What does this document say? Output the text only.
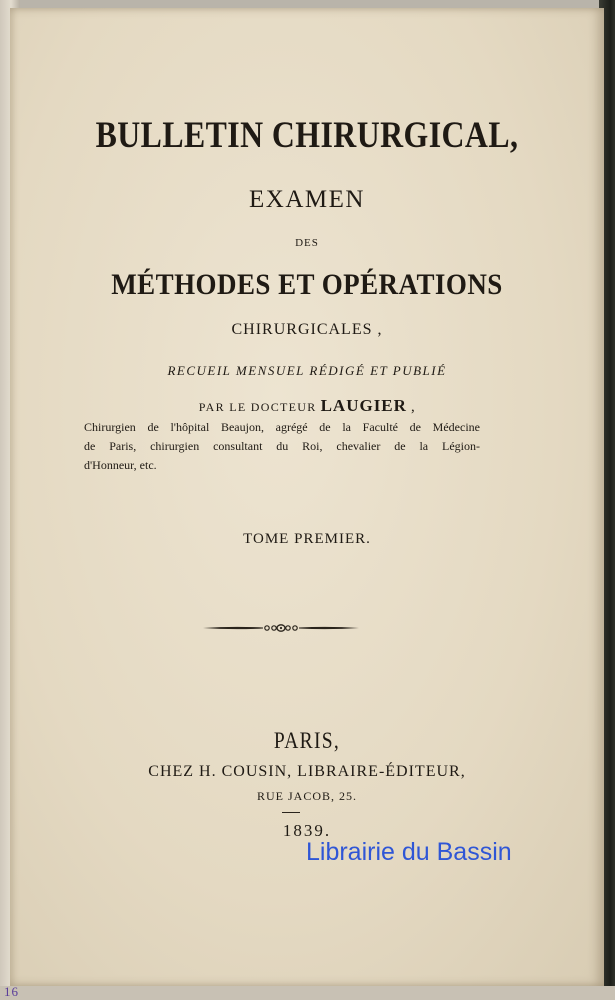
BULLETIN CHIRURGICAL,
EXAMEN
DES
MÉTHODES ET OPÉRATIONS
CHIRURGICALES ,
RECUEIL MENSUEL RÉDIGÉ ET PUBLIÉ
PAR LE DOCTEUR LAUGIER ,
Chirurgien de l'hôpital Beaujon, agrégé de la Faculté de Médecine
de Paris, chirurgien consultant du Roi, chevalier de la Légion-
d'Honneur, etc.
TOME PREMIER.
PARIS,
CHEZ H. COUSIN, LIBRAIRE-ÉDITEUR,
RUE JACOB, 25.
1839.
Librairie du Bassin
16
